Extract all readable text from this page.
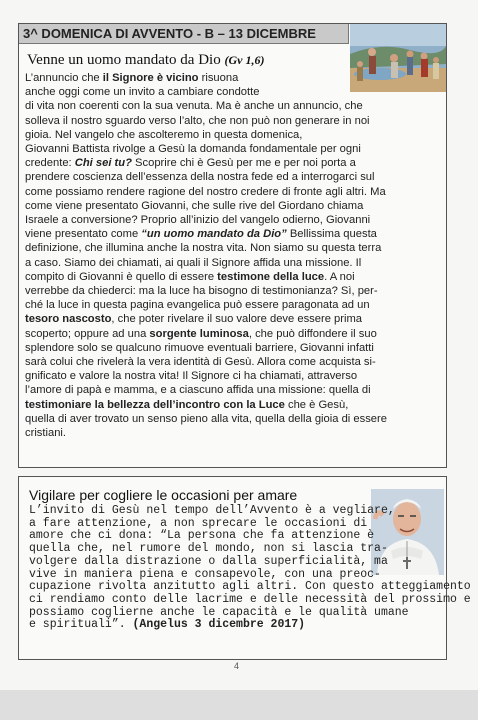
3^ DOMENICA DI AVVENTO - B – 13 DICEMBRE
Venne un uomo mandato da Dio (Gv 1,6)
L’annuncio che il Signore è vicino risuona
anche oggi come un invito a cambiare condotte
di vita non coerenti con la sua venuta. Ma è anche un annuncio, che
solleva il nostro sguardo verso l’alto, che non può non generare in noi
gioia. Nel vangelo che ascolteremo in questa domenica,
Giovanni Battista rivolge a Gesù la domanda fondamentale per ogni
credente: Chi sei tu? Scoprire chi è Gesù per me e per noi porta a
prendere coscienza dell’essenza della nostra fede ed a interrogarci sul
come possiamo rendere ragione del nostro credere di fronte agli altri. Ma
come viene presentato Giovanni, che sulle rive del Giordano chiama
Israele a conversione? Proprio all’inizio del vangelo odierno, Giovanni
viene presentato come “un uomo mandato da Dio” Bellissima questa
definizione, che illumina anche la nostra vita. Non siamo su questa terra
a caso. Siamo dei chiamati, ai quali il Signore affida una missione. Il
compito di Giovanni è quello di essere testimone della luce. A noi
verrebbe da chiederci: ma la luce ha bisogno di testimonianza? Sì, per-
ché la luce in questa pagina evangelica può essere paragonata ad un
tesoro nascosto, che poter rivelare il suo valore deve essere prima
scoperto; oppure ad una sorgente luminosa, che può diffondere il suo
splendore solo se qualcuno rimuove eventuali barriere, Giovanni infatti
sarà colui che rivelerà la vera identità di Gesù. Allora come acquista si-
gnificato e valore la nostra vita! Il Signore ci ha chiamati, attraverso
l’amore di papà e mamma, e a ciascuno affida una missione: quella di
testimoniare la bellezza dell’incontro con la Luce che è Gesù,
quella di aver trovato un senso pieno alla vita, quella della gioia di essere
cristiani.
Vigilare per cogliere le occasioni per amare
L’invito di Gesù nel tempo dell’Avvento è a vegliare,
a fare attenzione, a non sprecare le occasioni di
amore che ci dona: “La persona che fa attenzione è
quella che, nel rumore del mondo, non si lascia tra-
volgere dalla distrazione o dalla superficialità, ma
vive in maniera piena e consapevole, con una preoc-
cupazione rivolta anzitutto agli altri. Con questo atteggiamento
ci rendiamo conto delle lacrime e delle necessità del prossimo e
possiamo coglierne anche le capacità e le qualità umane
e spirituali”. (Angelus 3 dicembre 2017)
4
